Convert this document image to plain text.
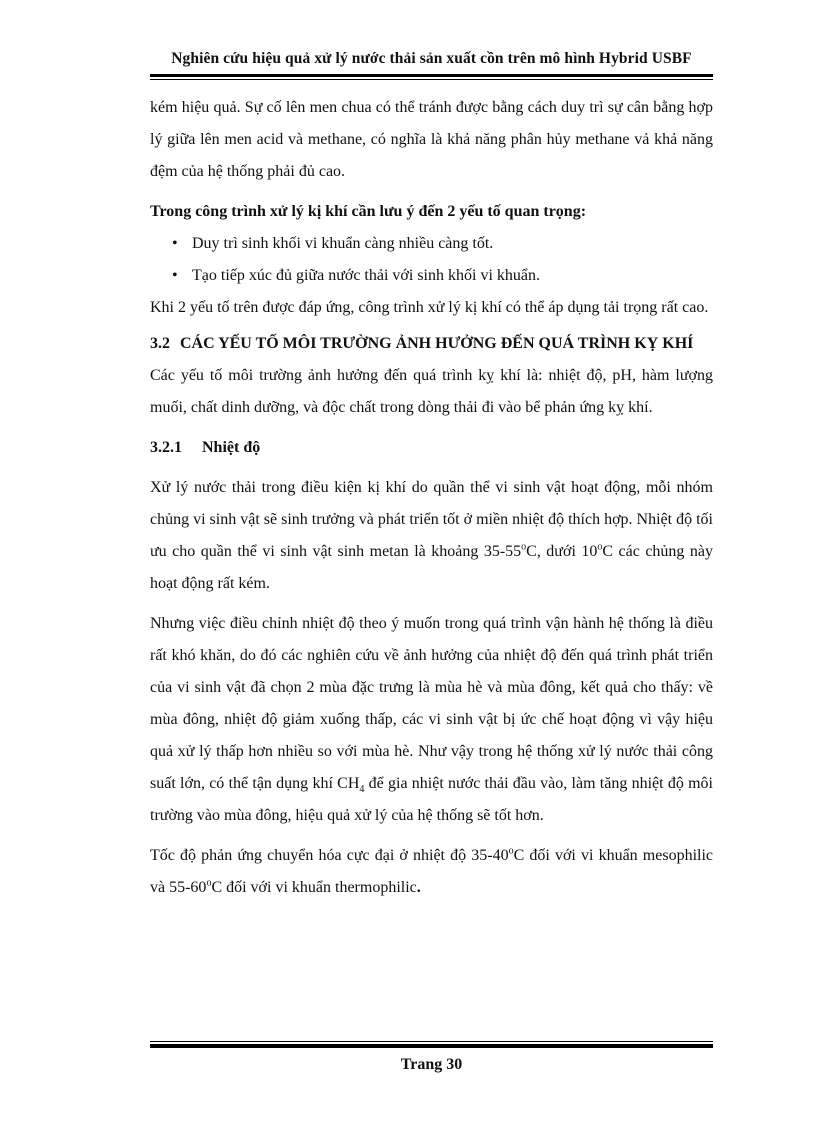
Nghiên cứu hiệu quả xử lý nước thải sản xuất cồn trên mô hình Hybrid USBF

kém hiệu quả. Sự cố lên men chua có thể tránh được bằng cách duy trì sự cân bằng hợp lý giữa lên men acid và methane, có nghĩa là khả năng phân hủy methane vả khả năng đệm của hệ thống phải đủ cao.

Trong công trình xử lý kị khí cần lưu ý đến 2 yếu tố quan trọng:

• Duy trì sinh khối vi khuẩn càng nhiều càng tốt.
• Tạo tiếp xúc đủ giữa nước thải với sinh khối vi khuẩn.

Khi 2 yếu tố trên được đáp ứng, công trình xử lý kị khí có thể áp dụng tải trọng rất cao.

3.2 CÁC YẾU TỐ MÔI TRƯỜNG ẢNH HƯỞNG ĐẾN QUÁ TRÌNH KỴ KHÍ

Các yếu tố môi trường ảnh hưởng đến quá trình kỵ khí là: nhiệt độ, pH, hàm lượng muối, chất dinh dưỡng, và độc chất trong dòng thải đi vào bể phản ứng kỵ khí.

3.2.1 Nhiệt độ

Xử lý nước thải trong điều kiện kị khí do quần thể vi sinh vật hoạt động, mỗi nhóm chủng vi sinh vật sẽ sinh trưởng và phát triển tốt ở miền nhiệt độ thích hợp. Nhiệt độ tối ưu cho quần thể vi sinh vật sinh metan là khoảng 35-55$^o$C, dưới 10$^o$C các chủng này hoạt động rất kém.

Nhưng việc điều chỉnh nhiệt độ theo ý muốn trong quá trình vận hành hệ thống là điều rất khó khăn, do đó các nghiên cứu về ảnh hưởng của nhiệt độ đến quá trình phát triển của vi sinh vật đã chọn 2 mùa đặc trưng là mùa hè và mùa đông, kết quả cho thấy: về mùa đông, nhiệt độ giảm xuống thấp, các vi sinh vật bị ức chế hoạt động vì vậy hiệu quả xử lý thấp hơn nhiều so với mùa hè. Như vậy trong hệ thống xử lý nước thải công suất lớn, có thể tận dụng khí $CH_4$ để gia nhiệt nước thải đầu vào, làm tăng nhiệt độ môi trường vào mùa đông, hiệu quả xử lý của hệ thống sẽ tốt hơn.

Tốc độ phản ứng chuyển hóa cực đại ở nhiệt độ 35-40$^o$C đối với vi khuẩn mesophilic và 55-60$^o$C đối với vi khuẩn thermophilic.

Trang 30
